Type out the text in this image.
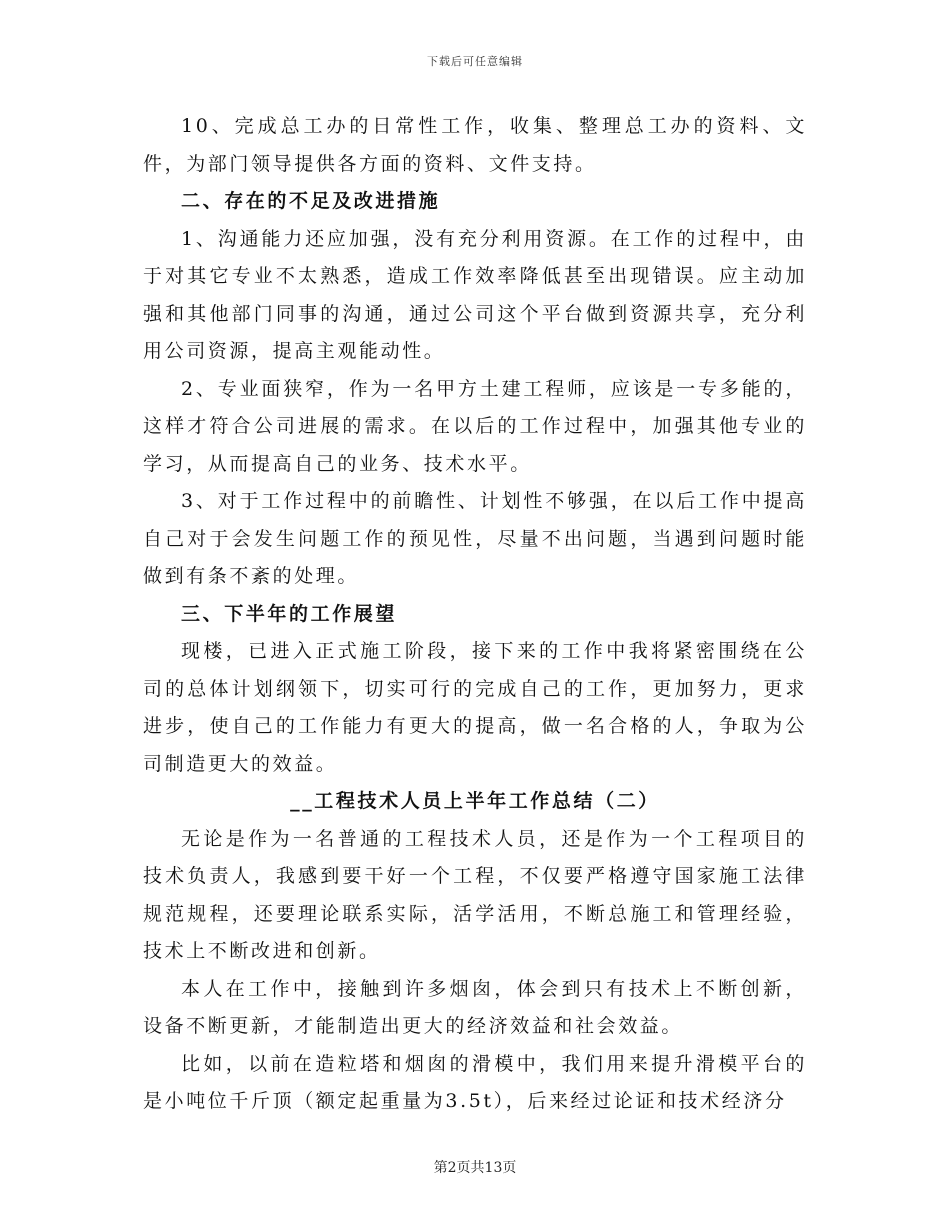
下载后可任意编辑

10、完成总工办的日常性工作，收集、整理总工办的资料、文件，为部门领导提供各方面的资料、文件支持。

二、存在的不足及改进措施

1、沟通能力还应加强，没有充分利用资源。在工作的过程中，由于对其它专业不太熟悉，造成工作效率降低甚至出现错误。应主动加强和其他部门同事的沟通，通过公司这个平台做到资源共享，充分利用公司资源，提高主观能动性。

2、专业面狭窄，作为一名甲方土建工程师，应该是一专多能的，这样才符合公司进展的需求。在以后的工作过程中，加强其他专业的学习，从而提高自己的业务、技术水平。

3、对于工作过程中的前瞻性、计划性不够强，在以后工作中提高自己对于会发生问题工作的预见性，尽量不出问题，当遇到问题时能做到有条不紊的处理。

三、下半年的工作展望

现楼，已进入正式施工阶段，接下来的工作中我将紧密围绕在公司的总体计划纲领下，切实可行的完成自己的工作，更加努力，更求进步，使自己的工作能力有更大的提高，做一名合格的人，争取为公司制造更大的效益。

__工程技术人员上半年工作总结（二）

无论是作为一名普通的工程技术人员，还是作为一个工程项目的技术负责人，我感到要干好一个工程，不仅要严格遵守国家施工法律规范规程，还要理论联系实际，活学活用，不断总施工和管理经验，技术上不断改进和创新。

本人在工作中，接触到许多烟囱，体会到只有技术上不断创新，设备不断更新，才能制造出更大的经济效益和社会效益。

比如，以前在造粒塔和烟囱的滑模中，我们用来提升滑模平台的是小吨位千斤顶（额定起重量为3.5t），后来经过论证和技术经济分

第2页共13页
